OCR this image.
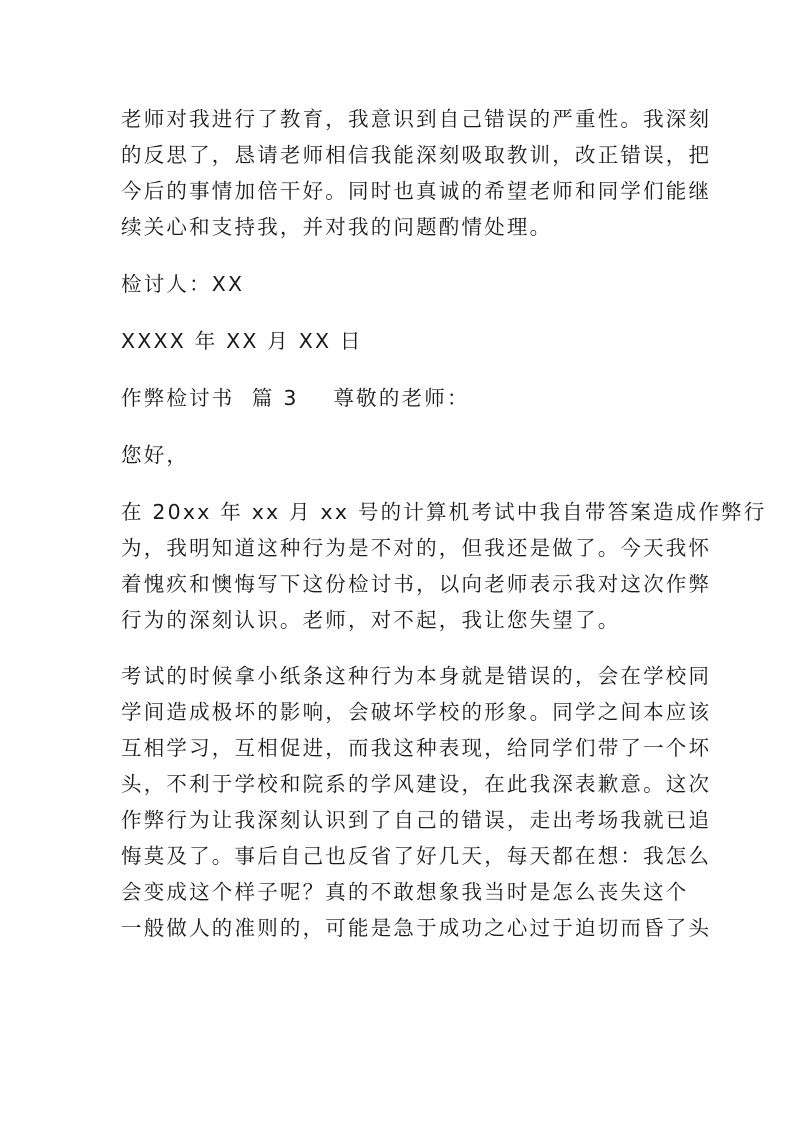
老师对我进行了教育，我意识到自己错误的严重性。我深刻
的反思了，恳请老师相信我能深刻吸取教训，改正错误，把
今后的事情加倍干好。同时也真诚的希望老师和同学们能继
续关心和支持我，并对我的问题酌情处理。

检讨人：XX

XXXX 年 XX 月 XX 日

作弊检讨书  篇 3    尊敬的老师：

您好，

在 20xx 年 xx 月 xx 号的计算机考试中我自带答案造成作弊行
为，我明知道这种行为是不对的，但我还是做了。今天我怀
着愧疚和懊悔写下这份检讨书，以向老师表示我对这次作弊
行为的深刻认识。老师，对不起，我让您失望了。

考试的时候拿小纸条这种行为本身就是错误的，会在学校同
学间造成极坏的影响，会破坏学校的形象。同学之间本应该
互相学习，互相促进，而我这种表现，给同学们带了一个坏
头，不利于学校和院系的学风建设，在此我深表歉意。这次
作弊行为让我深刻认识到了自己的错误，走出考场我就已追
悔莫及了。事后自己也反省了好几天，每天都在想：我怎么
会变成这个样子呢？真的不敢想象我当时是怎么丧失这个
一般做人的准则的，可能是急于成功之心过于迫切而昏了头
